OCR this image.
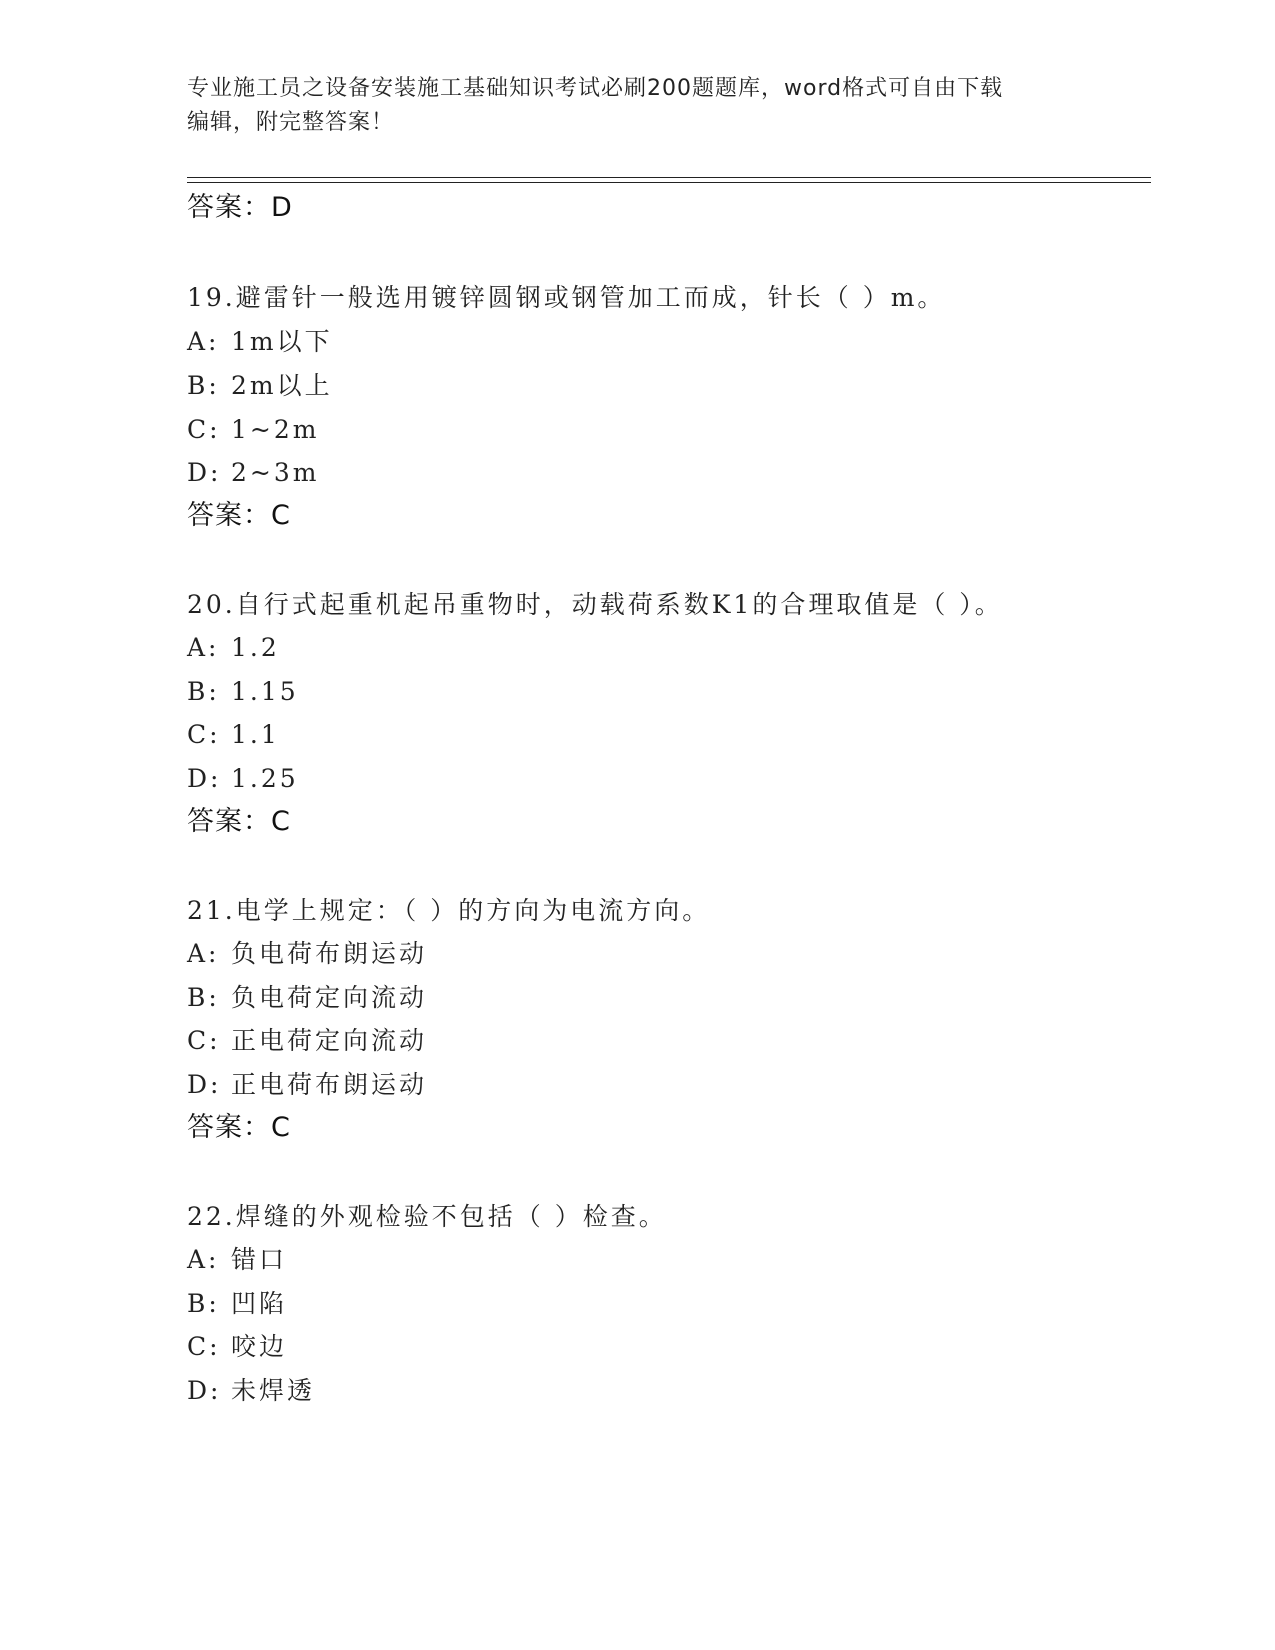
专业施工员之设备安装施工基础知识考试必刷200题题库，word格式可自由下载
编辑，附完整答案！
答案：D
19.避雷针一般选用镀锌圆钢或钢管加工而成，针长（ ）m。
A: 1m以下
B: 2m以上
C: 1~2m
D: 2~3m
答案：C
20.自行式起重机起吊重物时，动载荷系数K1的合理取值是（ ）。
A: 1.2
B: 1.15
C: 1.1
D: 1.25
答案：C
21.电学上规定：（ ）的方向为电流方向。
A: 负电荷布朗运动
B: 负电荷定向流动
C: 正电荷定向流动
D: 正电荷布朗运动
答案：C
22.焊缝的外观检验不包括（ ）检查。
A: 错口
B: 凹陷
C: 咬边
D: 未焊透
